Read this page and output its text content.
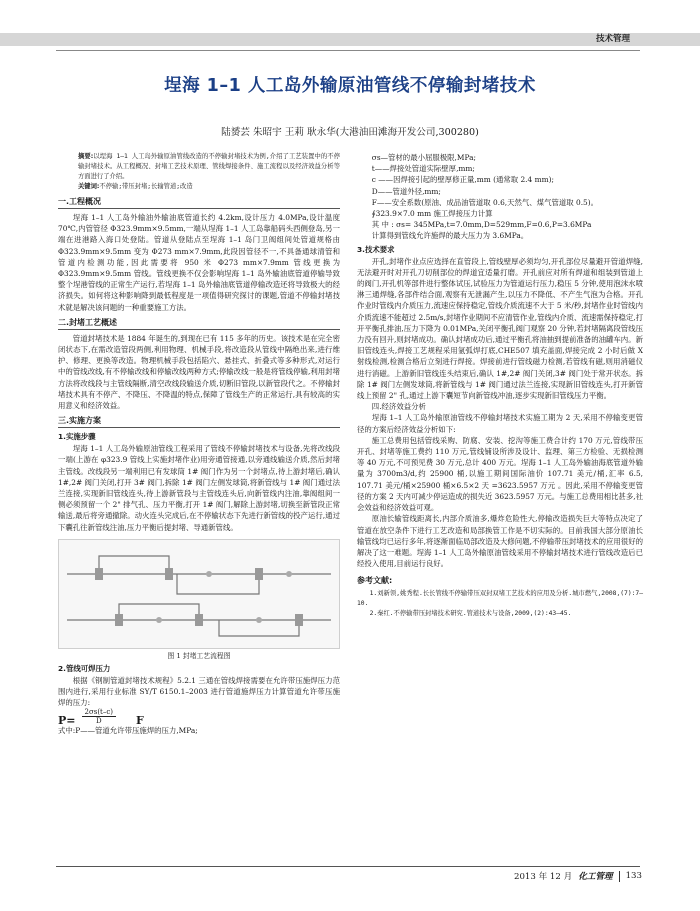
技术管理
埕海 1–1 人工岛外输原油管线不停输封堵技术
陆赟芸 朱昭宇 王莉 耿永华(大港油田滩海开发公司,300280)

摘要:以埕海 1–1 人工岛外输原油管线改造的不停输封堵技术为例,介绍了工艺装置中的不停输封堵技术。从工程概况、封堵工艺技术原理、管线焊接条件、施工流程以及经济效益分析等方面进行了介绍。

关键词:不停输;带压封堵;长输管道;改造

一.工程概况

埕海 1–1 人工岛外输油外输油底管道长约 4.2km,设计压力 4.0MPa,设计温度 70℃,内管管径 Φ323.9mm×9.5mm,一端从埕海 1–1 人工岛靠船码头西侧登岛,另一端在进港路入海口处登陆。管道从登陆点至埕海 1–1 岛门卫阀组间处管道规格由 Φ323.9mm×9.5mm 变为 Φ273 mm×7.9mm,此段因管径不一,不具备通球清管和管道内检测功能,因此需要将 950 米 Φ273 mm×7.9mm 管线更换为 Φ323.9mm×9.5mm 管线。管线更换不仅会影响埕海 1–1 岛外输油底管道停输导致整个埕港管线的正常生产运行,若埕海 1–1 岛外输油底管道停输改造还将导致极大的经济损失。如何将这种影响降到最低程度是一项值得研究探讨的课题,管道不停输封堵技术就是解决该问题的一种重要施工方法。

二.封堵工艺概述

管道封堵技术是 1884 年诞生的,到现在已有 115 多年的历史。该技术是在完全密闭状态下,在需改造管段两侧,利用物理、机械手段,将改造段从管线中隔绝出来,进行维护、修理、更换等改造。物理机械手段包括陷穴、悬挂式、折叠式等多种形式,对运行中的管线改线,有不停输改线和停输改线两种方式;停输改线一般是将管线停输,利用封堵方法将改线段与主管线隔断,清空改线段输送介质,切断旧管段,以新管段代之。不停输封堵技术具有不停产、不降压、不降温的特点,保障了管线生产的正常运行,具有较高的实用意义和经济效益。

三.实施方案
1.实施步骤

埕海 1–1 人工岛外输原油管线工程采用了管线不停输封堵技术与设备,先将改线段一端(上游在 φ323.9 管线上实施封堵作业)用旁通管接通,以旁通线输送介质,然后封堵主管线。改线段另一端利用已有发球筒 1# 阀门作为另一个封堵点,待上游封堵后,确认 1#,2# 阀门关闭,打开 3# 阀门,拆除 1# 阀门左侧发球筒,将新管线与 1# 阀门通过法兰连接,实现新旧管线连头,待上游新管段与主管线连头后,向新管线内注油,靠阀组间一侧必须预留一个 2" 排气孔、压力平衡,打开 1# 阀门,解除上游封堵,切换至新管段正常输送,最后将旁通撤除。动火连头完成后,在不停输状态下先进行新管线的投产运行,通过下囊孔往新管线注油,压力平衡后提封堵、导通新管线。

图 1 封堵工艺流程图
2.管线可焊压力

根据《钢制管道封堵技术规程》5.2.1 三通在管线焊接需要在允许带压施焊压力范围内进行,采用行业标准 SY/T 6150.1–2003 进行管道施焊压力计算管道允许带压施焊的压力:

$P= \frac{2\sigma s(t-c)}{D}$ F

式中:P——管道允许带压施焊的压力,MPa;

σs—管材的最小屈服极限,MPa;

t——焊接处管道实际壁厚,mm;

c ——因焊接引起的壁厚修正量,mm (通常取 2.4 mm);

D——管道外径,mm;

F——安全系数(原油、成品油管道取 0.6,天然气、煤气管道取 0.5)。

∮323.9×7.0 mm 施工焊接压力计算

其 中 : σs= 345MPa,t=7.0mm,D=529mm,F=0.6,P=3.6MPa

计算得到管线允许施焊的最大压力为 3.6MPa。

3.技术要求

开孔,封堵作业点应选择在直管段上,管线壁厚必须均匀,开孔部位尽量避开管道焊缝,无法避开时对开孔刀切削部位的焊道宜适量打磨。开孔前应对所有焊道和组装到管道上的阀门,开孔机等部件进行整体试压,试验压力为管道运行压力,稳压 5 分钟,使用泡沫水喷淋三通焊缝,各部件结合面,观察有无泄漏产生,以压力不降低、不产生气泡为合格。开孔作业时管线内介质压力,流速应保持稳定,管线介质流速不大于 5 米/秒,封堵作业时管线内介质流速不能超过 2.5m/s,封堵作业期间不应清管作业,管线内介质、流速需保持稳定,打开平衡孔排油,压力下降为 0.01MPa,关闭平衡孔阀门观察 20 分钟,若封堵隔离段管线压力没有回升,则封堵成功。确认封堵成功后,通过平衡孔将油抽到提前准备的油罐车内。新旧管线连头,焊接工艺规程采用氩弧焊打底,CHE507 填充盖面,焊接完成 2 小时后做 X 射线检测,检测合格后立刻进行焊接。焊接前进行管线磁力检测,若管线有磁,则用消磁仪进行消磁。上游新旧管线连头结束后,确认 1#,2# 阀门关闭,3# 阀门处于常开状态。拆除 1# 阀门左侧发球筒,将新管线与 1# 阀门通过法兰连接,实现新旧管线连头,打开新管线上预留 2" 孔,通过上游下囊短节向新管线冲油,逐步实现新旧管线压力平衡。

四.经济效益分析

埕海 1–1 人工岛外输原油管线不停输封堵技术实施工期为 2 天,采用不停输变更管径的方案后经济效益分析如下:

施工总费用包括管线采购、防腐、安装、挖沟等施工费合计约 170 万元,管线带压开孔、封堵等施工费约 110 万元,管线铺设所涉及设计、监理、第三方检验、无损检测等 40 万元,不可预见费 30 万元,总计 400 万元。埕海 1–1 人工岛外输油海底管道外输量为 3700m3/d,约 25900 桶,以施工期间国际油价 107.71 美元/桶,汇率 6.5, 107.71 美元/桶×25900 桶×6.5×2 天 =3623.5957 万元 。因此,采用不停输变更管径的方案 2 天内可减少停运造成的损失近 3623.5957 万元。与施工总费用相比甚多,社会效益和经济效益可观。

原油长输管线距离长,内部介质油多,爆炸危险性大,停输改造损失巨大等特点决定了管道在放空条件下进行工艺改造和局部换管工作是不切实际的。目前我国大部分原油长输管线均已运行多年,将逐渐面临局部改造及大修问题,不停输带压封堵技术的应用很好的解决了这一难题。埕海 1–1 人工岛外输原油管线采用不停输封堵技术进行管线改造后已经投入使用,目前运行良好。

参考文献:

1.刘新领,姚秀程.长长管线不停输带压双封双堵工艺技术的应用及分析.城市燃气,2008,(7):7–10.

2.秦红.不停输带压封堵技术研究.管道技术与设备,2009,(2):43–45.

2013 年 12 月 化工管理 133
